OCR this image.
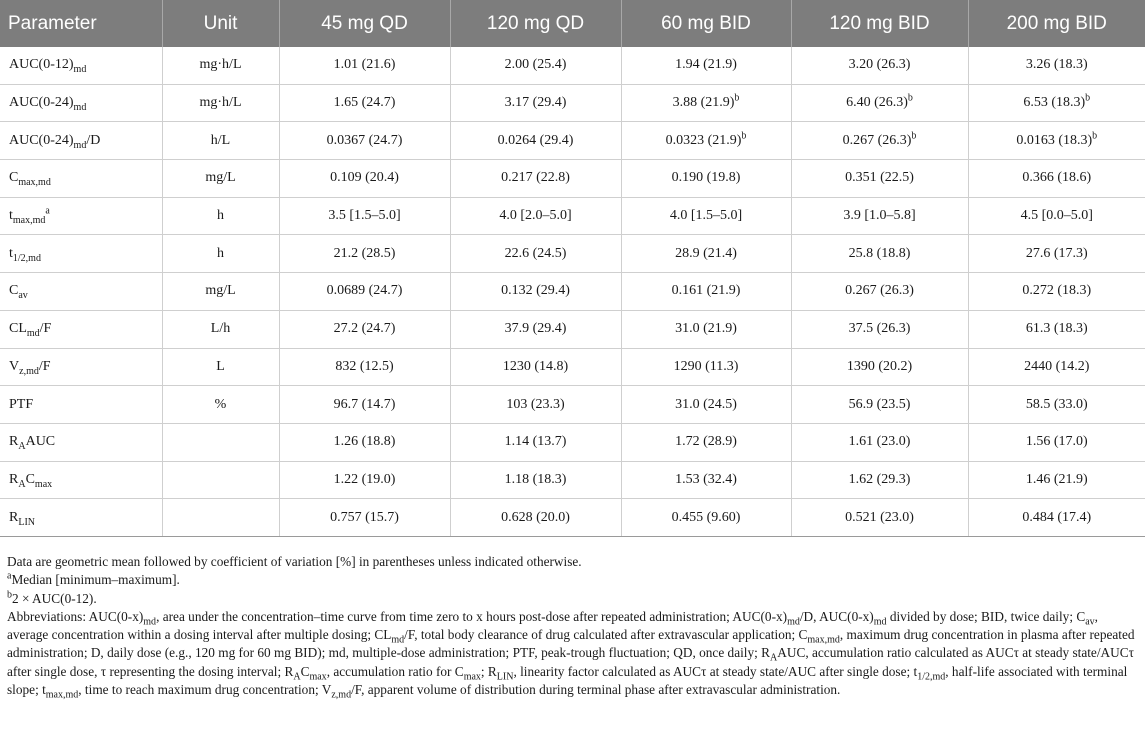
Parameter	Unit	45 mg QD	120 mg QD	60 mg BID	120 mg BID	200 mg BID
$AUC(0-12)_{md}$	mg·h/L	1.01 (21.6)	2.00 (25.4)	1.94 (21.9)	3.20 (26.3)	3.26 (18.3)
$AUC(0-24)_{md}$	mg·h/L	1.65 (24.7)	3.17 (29.4)	3.88 $(21.9)^b$	6.40 $(26.3)^b$	6.53 $(18.3)^b$
$AUC(0-24)_{md}/D$	h/L	0.0367 (24.7)	0.0264 (29.4)	0.0323 $(21.9)^b$	0.267 $(26.3)^b$	0.0163 $(18.3)^b$
$C_{max,md}$	mg/L	0.109 (20.4)	0.217 (22.8)	0.190 (19.8)	0.351 (22.5)	0.366 (18.6)
$t_{max,md}^a$	h	3.5 [1.5–5.0]	4.0 [2.0–5.0]	4.0 [1.5–5.0]	3.9 [1.0–5.8]	4.5 [0.0–5.0]
$t_{1/2,md}$	h	21.2 (28.5)	22.6 (24.5)	28.9 (21.4)	25.8 (18.8)	27.6 (17.3)
$C_{av}$	mg/L	0.0689 (24.7)	0.132 (29.4)	0.161 (21.9)	0.267 (26.3)	0.272 (18.3)
$CL_{md}/F$	L/h	27.2 (24.7)	37.9 (29.4)	31.0 (21.9)	37.5 (26.3)	61.3 (18.3)
$V_{z,md}/F$	L	832 (12.5)	1230 (14.8)	1290 (11.3)	1390 (20.2)	2440 (14.2)
PTF	%	96.7 (14.7)	103 (23.3)	31.0 (24.5)	56.9 (23.5)	58.5 (33.0)
$R_AAUC$		1.26 (18.8)	1.14 (13.7)	1.72 (28.9)	1.61 (23.0)	1.56 (17.0)
$R_AC_{max}$		1.22 (19.0)	1.18 (18.3)	1.53 (32.4)	1.62 (29.3)	1.46 (21.9)
$R_{LIN}$		0.757 (15.7)	0.628 (20.0)	0.455 (9.60)	0.521 (23.0)	0.484 (17.4)

Data are geometric mean followed by coefficient of variation [%] in parentheses unless indicated otherwise.

$^a$Median [minimum–maximum].

$^b$2 × AUC(0-12).

Abbreviations: $AUC(0-x)_{md}$, area under the concentration–time curve from time zero to x hours post-dose after repeated administration; $AUC(0-x)_{md}/D$, $AUC(0-x)_{md}$ divided by dose; BID, twice daily; $C_{av}$, average concentration within a dosing interval after multiple dosing; $CL_{md}/F$, total body clearance of drug calculated after extravascular application; $C_{max,md}$, maximum drug concentration in plasma after repeated administration; D, daily dose (e.g., 120 mg for 60 mg BID); md, multiple-dose administration; PTF, peak-trough fluctuation; QD, once daily; $R_AAUC$, accumulation ratio calculated as AUCτ at steady state/AUCτ after single dose, τ representing the dosing interval; $R_AC_{max}$, accumulation ratio for $C_{max}$; $R_{LIN}$, linearity factor calculated as AUCτ at steady state/AUC after single dose; $t_{1/2,md}$, half-life associated with terminal slope; $t_{max,md}$, time to reach maximum drug concentration; $V_{z,md}/F$, apparent volume of distribution during terminal phase after extravascular administration.
